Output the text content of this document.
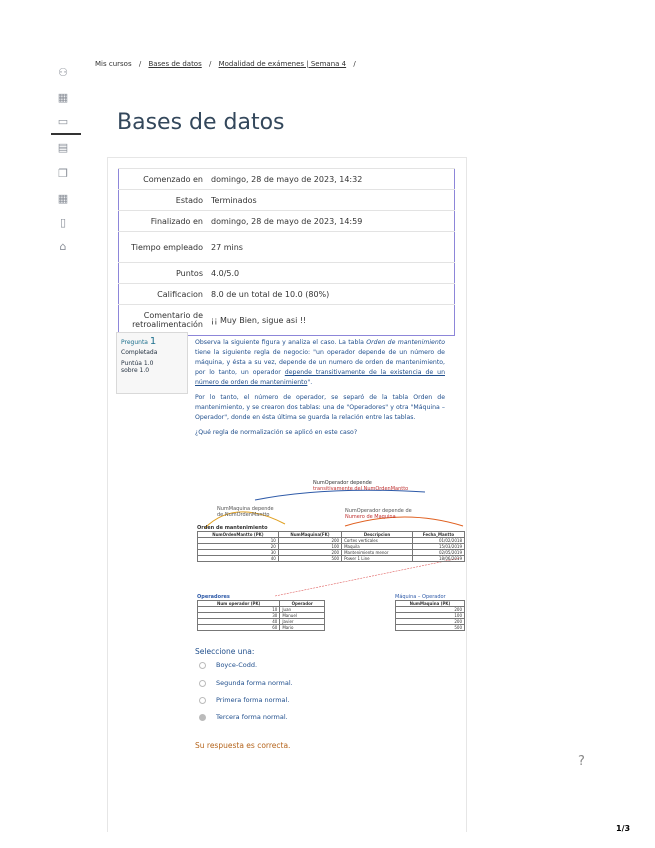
⚇
▦
▭
▤
❐
▦
▯
⌂
Mis cursos / Bases de datos / Modalidad de exámenes | Semana 4 /
Bases de datos
Comenzado en	domingo, 28 de mayo de 2023, 14:32
Estado	Terminados
Finalizado en	domingo, 28 de mayo de 2023, 14:59
Tiempo empleado	27 mins
Puntos	4.0/5.0
Calificacion	8.0 de un total de 10.0 (80%)
Comentario de retroalimentación	¡¡ Muy Bien, sigue asi !!
Pregunta 1
Completada
Puntúa 1.0 sobre 1.0

Observa la siguiente figura y analiza el caso. La tabla Orden de mantenimiento tiene la siguiente regla de negocio: "un operador depende de un número de máquina, y ésta a su vez, depende de un numero de orden de mantenimiento, por lo tanto, un operador depende transitivamente de la existencia de un número de orden de mantenimiento".

Por lo tanto, el número de operador, se separó de la tabla Orden de mantenimiento, y se crearon dos tablas: una de "Operadores" y otra "Máquina – Operador", donde en ésta última se guarda la relación entre las tablas.

¿Qué regla de normalización se aplicó en este caso?

NumOperador depende
transitivamente del NumOrdenMantto
NumMaquina depende
de NumOrdenMantto
NumOperador depende de
Numero de Maquina
Orden de mantenimiento
NumOrdenMantto (PK)	NumMaquina(FK)	Descripcion	Fecha_Mantto
10	200	Cortes verticales	01/02/2018
20	100	Maquila	15/03/2019
30	200	Mantenimiento menor	02/05/2019
40	500	Power 1 Line	18/06/2019
Operadores
Num operador (PK)	Operador
10	Juan
30	Manuel
40	Javier
60	Mario
Máquina – Operador
NumMaquina (PK)
200
100
200
500
Seleccione una:
Boyce-Codd.
Segunda forma normal.
Primera forma normal.
Tercera forma normal.
Su respuesta es correcta.
?
1/3
